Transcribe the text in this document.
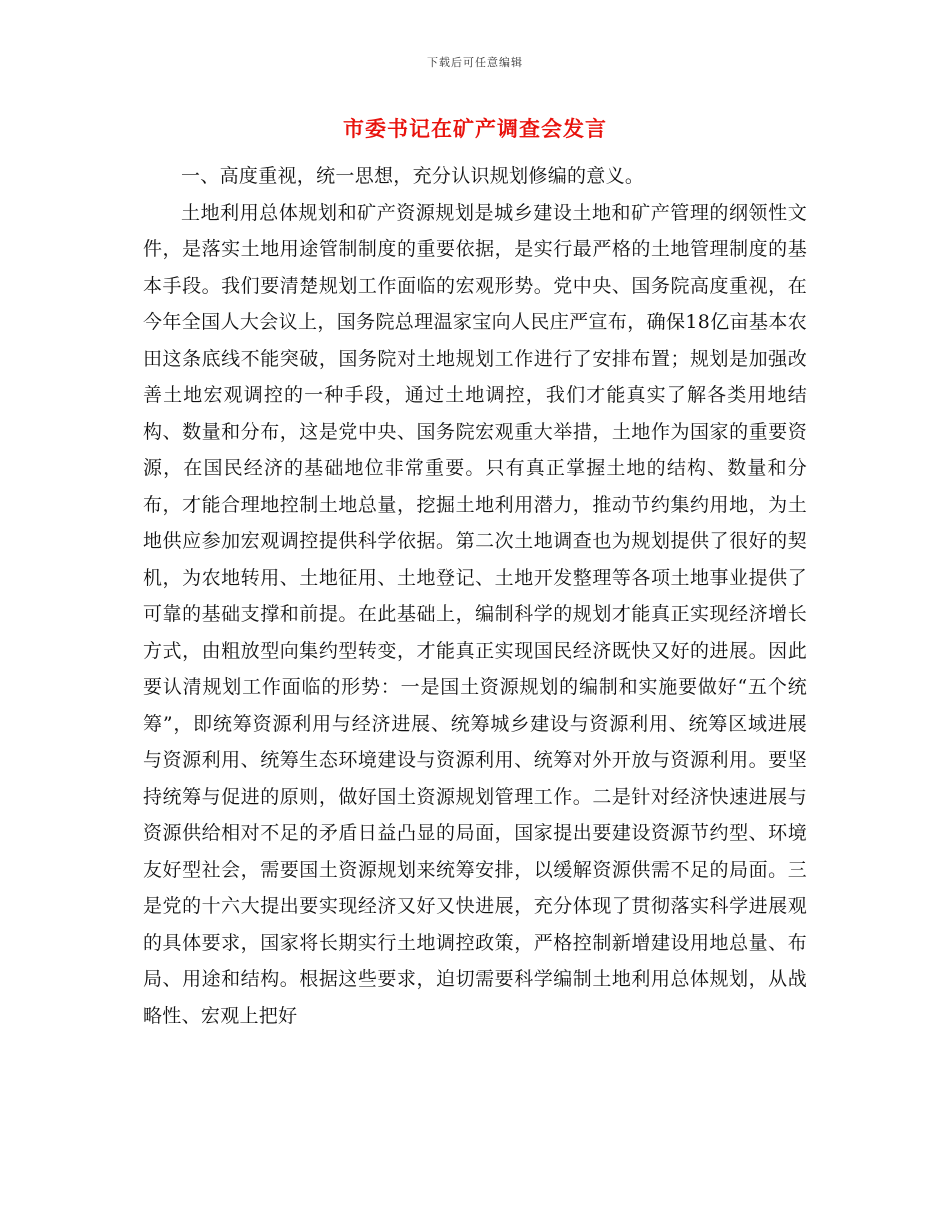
下载后可任意编辑
市委书记在矿产调查会发言

一、高度重视，统一思想，充分认识规划修编的意义。

土地利用总体规划和矿产资源规划是城乡建设土地和矿产管理的纲领性文件，是落实土地用途管制制度的重要依据，是实行最严格的土地管理制度的基本手段。我们要清楚规划工作面临的宏观形势。党中央、国务院高度重视，在今年全国人大会议上，国务院总理温家宝向人民庄严宣布，确保18亿亩基本农田这条底线不能突破，国务院对土地规划工作进行了安排布置；规划是加强改善土地宏观调控的一种手段，通过土地调控，我们才能真实了解各类用地结构、数量和分布，这是党中央、国务院宏观重大举措，土地作为国家的重要资源，在国民经济的基础地位非常重要。只有真正掌握土地的结构、数量和分布，才能合理地控制土地总量，挖掘土地利用潜力，推动节约集约用地，为土地供应参加宏观调控提供科学依据。第二次土地调查也为规划提供了很好的契机，为农地转用、土地征用、土地登记、土地开发整理等各项土地事业提供了可靠的基础支撑和前提。在此基础上，编制科学的规划才能真正实现经济增长方式，由粗放型向集约型转变，才能真正实现国民经济既快又好的进展。因此要认清规划工作面临的形势：一是国土资源规划的编制和实施要做好“五个统筹”，即统筹资源利用与经济进展、统筹城乡建设与资源利用、统筹区域进展与资源利用、统筹生态环境建设与资源利用、统筹对外开放与资源利用。要坚持统筹与促进的原则，做好国土资源规划管理工作。二是针对经济快速进展与资源供给相对不足的矛盾日益凸显的局面，国家提出要建设资源节约型、环境友好型社会，需要国土资源规划来统筹安排，以缓解资源供需不足的局面。三是党的十六大提出要实现经济又好又快进展，充分体现了贯彻落实科学进展观的具体要求，国家将长期实行土地调控政策，严格控制新增建设用地总量、布局、用途和结构。根据这些要求，迫切需要科学编制土地利用总体规划，从战略性、宏观上把好
